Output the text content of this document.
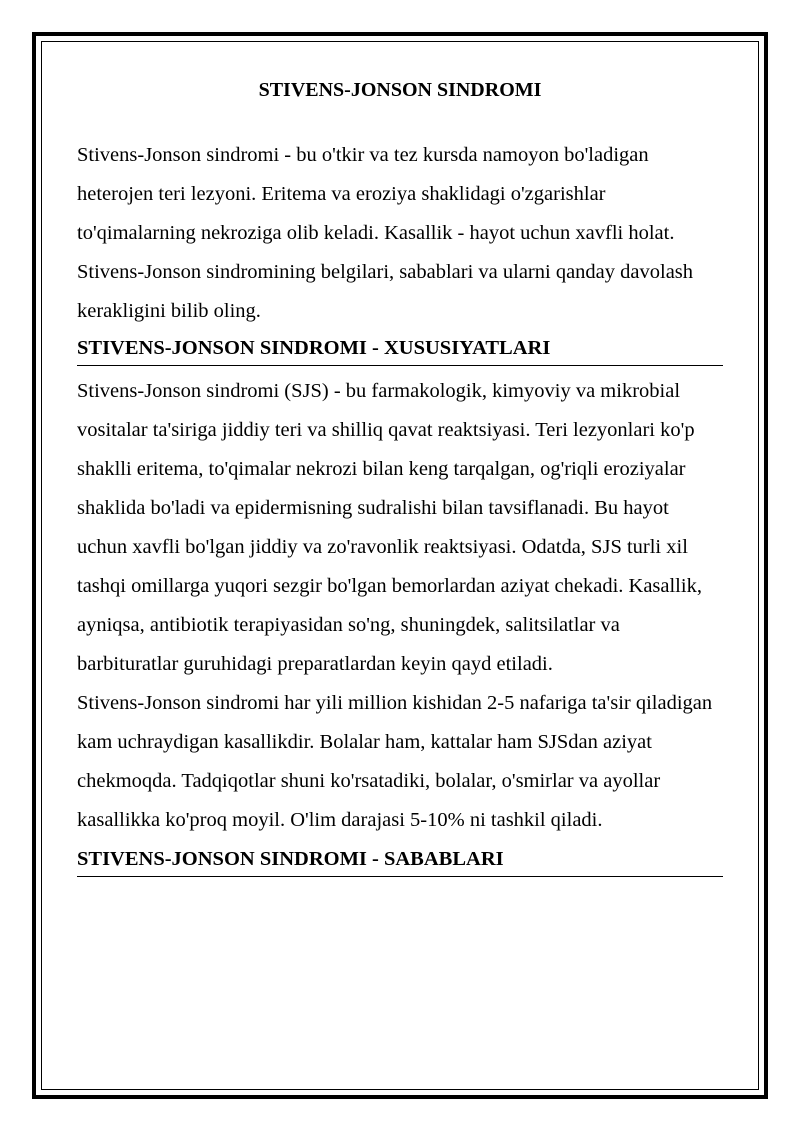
STIVENS-JONSON SINDROMI

Stivens-Jonson sindromi - bu o'tkir va tez kursda namoyon bo'ladigan heterojen teri lezyoni. Eritema va eroziya shaklidagi o'zgarishlar to'qimalarning nekroziga olib keladi. Kasallik - hayot uchun xavfli holat. Stivens-Jonson sindromining belgilari, sabablari va ularni qanday davolash kerakligini bilib oling.

STIVENS-JONSON SINDROMI - XUSUSIYATLARI

Stivens-Jonson sindromi (SJS) - bu farmakologik, kimyoviy va mikrobial vositalar ta'siriga jiddiy teri va shilliq qavat reaktsiyasi. Teri lezyonlari ko'p shaklli eritema, to'qimalar nekrozi bilan keng tarqalgan, og'riqli eroziyalar shaklida bo'ladi va epidermisning sudralishi bilan tavsiflanadi. Bu hayot uchun xavfli bo'lgan jiddiy va zo'ravonlik reaktsiyasi. Odatda, SJS turli xil tashqi omillarga yuqori sezgir bo'lgan bemorlardan aziyat chekadi. Kasallik, ayniqsa, antibiotik terapiyasidan so'ng, shuningdek, salitsilatlar va barbituratlar guruhidagi preparatlardan keyin qayd etiladi.

Stivens-Jonson sindromi har yili million kishidan 2-5 nafariga ta'sir qiladigan kam uchraydigan kasallikdir. Bolalar ham, kattalar ham SJSdan aziyat chekmoqda. Tadqiqotlar shuni ko'rsatadiki, bolalar, o'smirlar va ayollar kasallikka ko'proq moyil. O'lim darajasi 5-10% ni tashkil qiladi.

STIVENS-JONSON SINDROMI - SABABLARI
